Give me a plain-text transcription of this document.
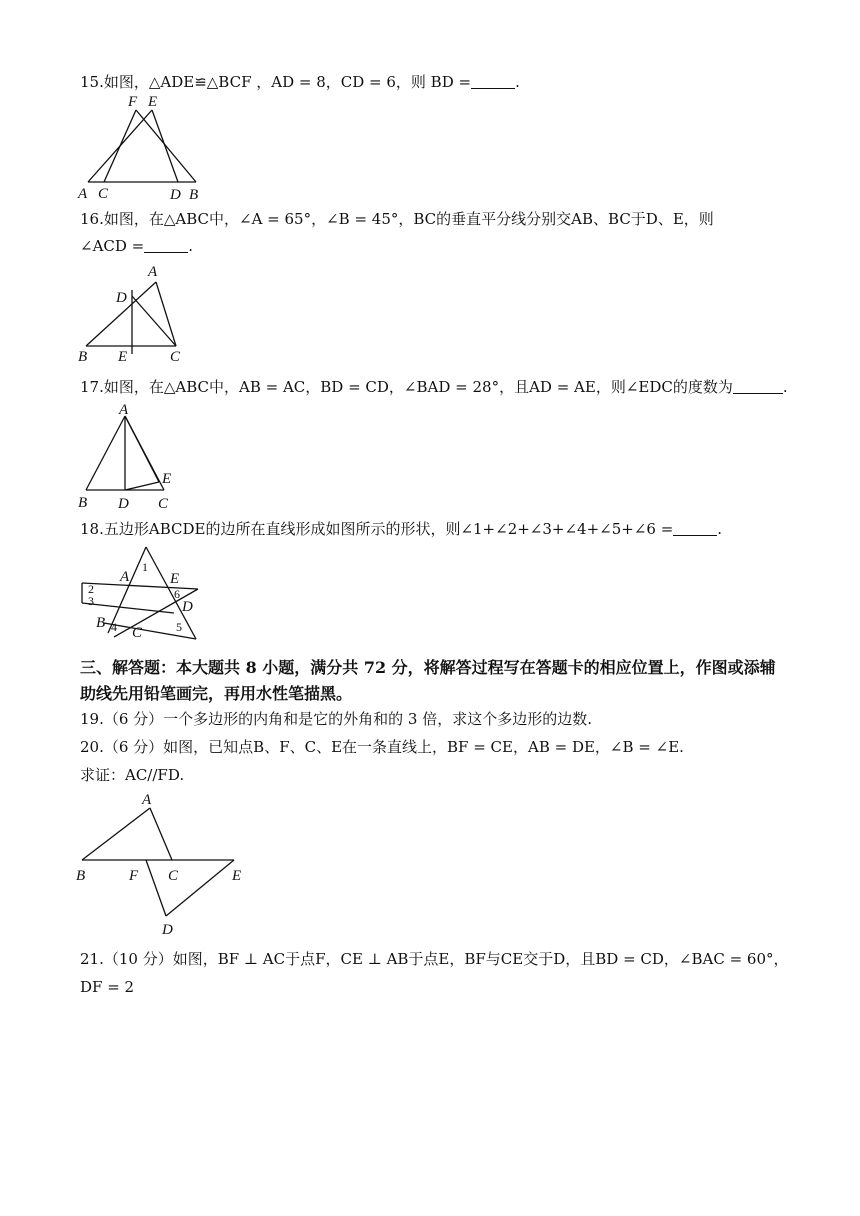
15.如图，△ADE≌△BCF ，AD = 8，CD = 6，则 BD =	.
F E
A C	D B
16.如图，在△ABC中，∠A = 65°，∠B = 45°，BC的垂直平分线分别交AB、BC于D、E，则
∠ACD =	.
A
D
B E	C
17.如图，在△ABC中，AB = AC，BD = CD，∠BAD = 28°，且AD = AE，则∠EDC的度数为	.
A
E
B D C
18.五边形ABCDE的边所在直线形成如图所示的形状，则∠1+∠2+∠3+∠4+∠5+∠6 =	.
1
A	E
2
3	6
D
B 4 C	5
三、解答题：本大题共 8 小题，满分共 72 分，将解答过程写在答题卡的相应位置上，作图或添辅助线先用铅笔画完，再用水性笔描黑。
19.（6 分）一个多边形的内角和是它的外角和的 3 倍，求这个多边形的边数.
20.（6 分）如图，已知点B、F、C、E在一条直线上，BF = CE，AB = DE，∠B = ∠E.
求证：AC//FD.
A
B	F C	E
D
21.（10 分）如图，BF ⊥ AC于点F，CE ⊥ AB于点E，BF与CE交于D，且BD = CD，∠BAC = 60°，
DF = 2
